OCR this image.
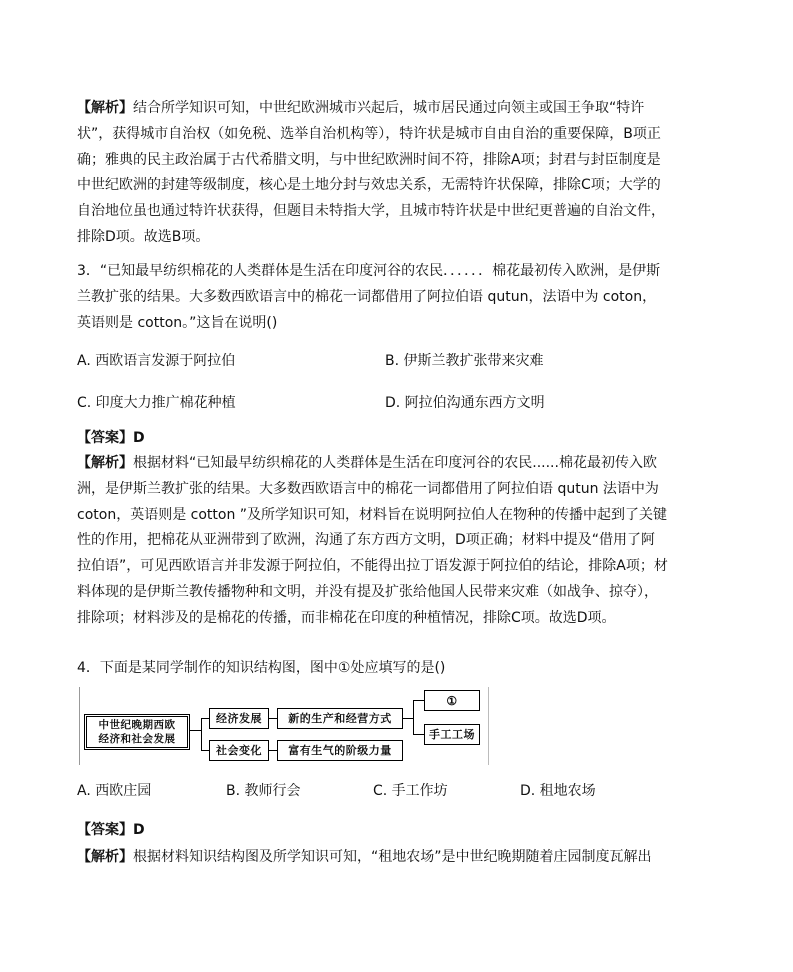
【解析】结合所学知识可知，中世纪欧洲城市兴起后，城市居民通过向领主或国王争取“特许状”，获得城市自治权（如免税、选举自治机构等），特许状是城市自由自治的重要保障，B项正确；雅典的民主政治属于古代希腊文明，与中世纪欧洲时间不符，排除A项；封君与封臣制度是中世纪欧洲的封建等级制度，核心是土地分封与效忠关系，无需特许状保障，排除C项；大学的自治地位虽也通过特许状获得，但题目未特指大学，且城市特许状是中世纪更普遍的自治文件，排除D项。故选B项。
3．“已知最早纺织棉花的人类群体是生活在印度河谷的农民．．．．．．棉花最初传入欧洲，是伊斯兰教扩张的结果。大多数西欧语言中的棉花一词都借用了阿拉伯语 qutun，法语中为 coton，英语则是 cotton。”这旨在说明()
A. 西欧语言发源于阿拉伯	B. 伊斯兰教扩张带来灾难
C. 印度大力推广棉花种植	D. 阿拉伯沟通东西方文明
【答案】D
【解析】根据材料“已知最早纺织棉花的人类群体是生活在印度河谷的农民......棉花最初传入欧洲，是伊斯兰教扩张的结果。大多数西欧语言中的棉花一词都借用了阿拉伯语 qutun 法语中为 coton，英语则是 cotton ”及所学知识可知，材料旨在说明阿拉伯人在物种的传播中起到了关键性的作用，把棉花从亚洲带到了欧洲，沟通了东方西方文明，D项正确；材料中提及“借用了阿拉伯语”，可见西欧语言并非发源于阿拉伯，不能得出拉丁语发源于阿拉伯的结论，排除A项；材料体现的是伊斯兰教传播物种和文明，并没有提及扩张给他国人民带来灾难（如战争、掠夺），排除项；材料涉及的是棉花的传播，而非棉花在印度的种植情况，排除C项。故选D项。
4．下面是某同学制作的知识结构图，图中①处应填写的是()
中世纪晚期西欧
经济和社会发展
经济发展
社会变化
新的生产和经营方式
富有生气的阶级力量
①
手工工场
A. 西欧庄园	B. 教师行会	C. 手工作坊	D. 租地农场
【答案】D
【解析】根据材料知识结构图及所学知识可知，“租地农场”是中世纪晚期随着庄园制度瓦解出
